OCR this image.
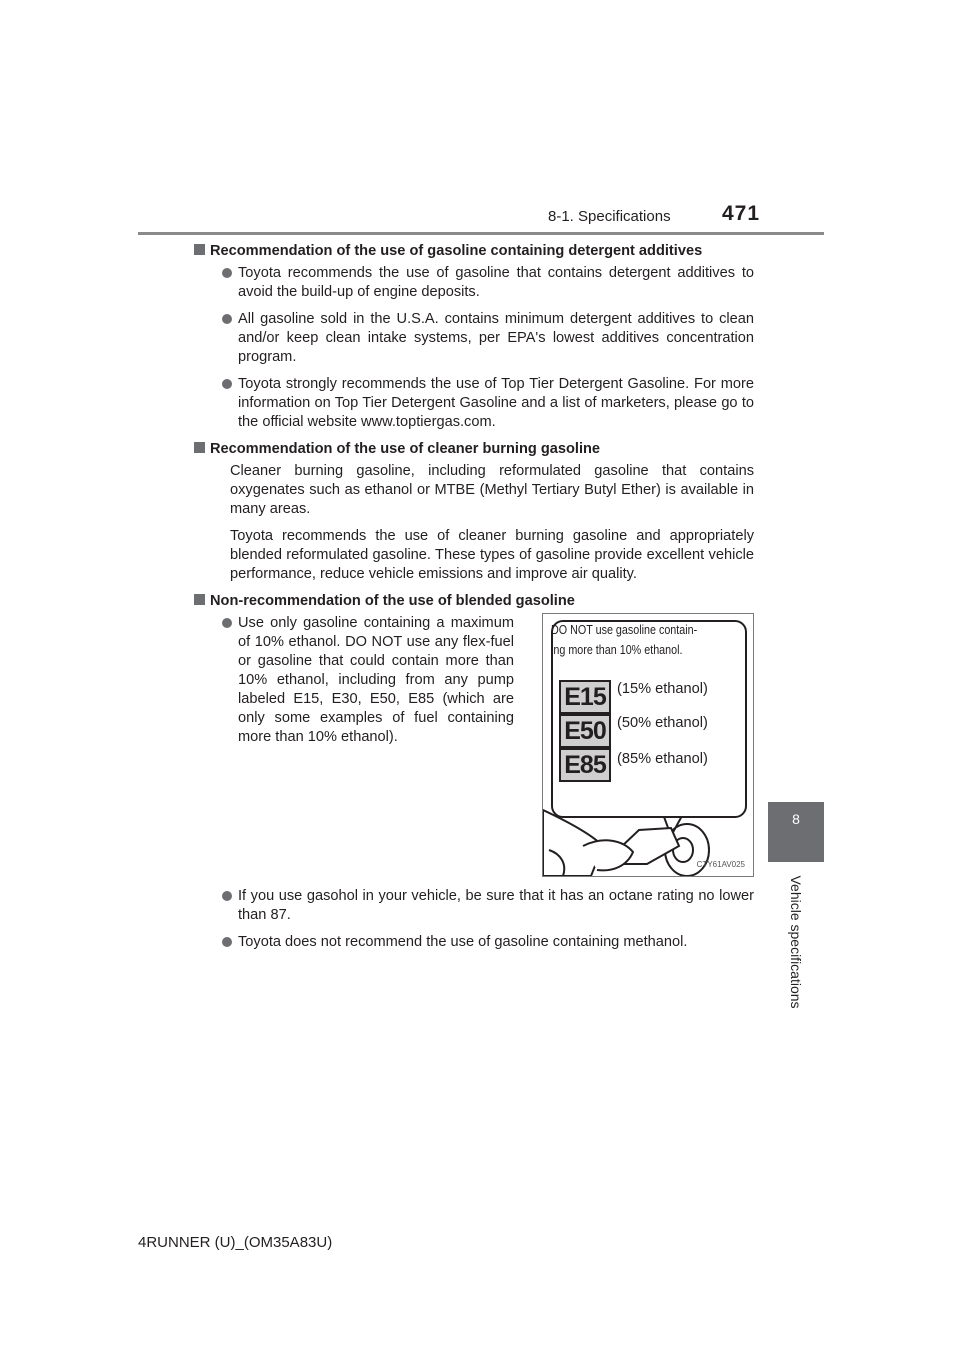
8-1. Specifications 471
8
Vehicle specifications
Recommendation of the use of gasoline containing detergent additives
Toyota recommends the use of gasoline that contains detergent additives to avoid the build-up of engine deposits.
All gasoline sold in the U.S.A. contains minimum detergent additives to clean and/or keep clean intake systems, per EPA's lowest additives concentration program.
Toyota strongly recommends the use of Top Tier Detergent Gasoline. For more information on Top Tier Detergent Gasoline and a list of marketers, please go to the official website www.toptiergas.com.
Recommendation of the use of cleaner burning gasoline
Cleaner burning gasoline, including reformulated gasoline that contains oxygenates such as ethanol or MTBE (Methyl Tertiary Butyl Ether) is available in many areas.
Toyota recommends the use of cleaner burning gasoline and appropriately blended reformulated gasoline. These types of gasoline provide excellent vehicle performance, reduce vehicle emissions and improve air quality.
Non-recommendation of the use of blended gasoline
Use only gasoline containing a maximum of 10% ethanol. DO NOT use any flex-fuel or gasoline that could contain more than 10% ethanol, including from any pump labeled E15, E30, E50, E85 (which are only some examples of fuel containing more than 10% ethanol).
DO NOT use gasoline contain-
ing more than 10% ethanol.
E15 (15% ethanol)
E50 (50% ethanol)
E85 (85% ethanol)
CTY61AV025
If you use gasohol in your vehicle, be sure that it has an octane rating no lower than 87.
Toyota does not recommend the use of gasoline containing methanol.
4RUNNER (U)_(OM35A83U)
